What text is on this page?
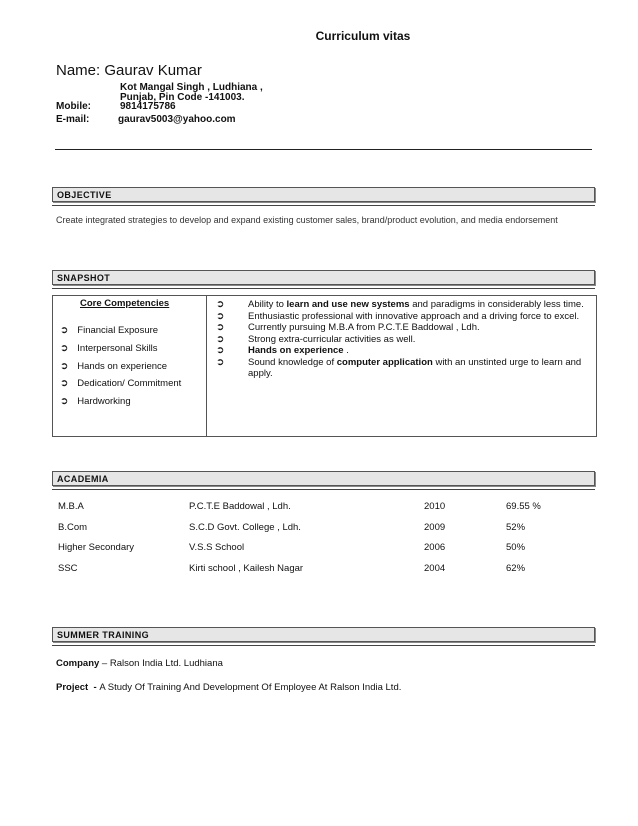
Curriculum vitas
Name: Gaurav Kumar
Kot Mangal Singh , Ludhiana ,
Punjab, Pin Code -141003.
Mobile:	9814175786
E-mail:	gaurav5003@yahoo.com
OBJECTIVE
Create integrated strategies to develop and expand existing customer sales, brand/product evolution, and media endorsement
SNAPSHOT
Core Competencies
➲ Financial Exposure
➲ Interpersonal Skills
➲ Hands on experience
➲ Dedication/ Commitment
➲ Hardworking
➲	Ability to learn and use new systems and paradigms in considerably less time.
➲	Enthusiastic professional with innovative approach and a driving force to excel.
➲	Currently pursuing M.B.A from P.C.T.E Baddowal , Ldh.
➲	Strong extra-curricular activities as well.
➲	Hands on experience .
➲	Sound knowledge of computer application with an unstinted urge to learn and apply.
ACADEMIA
M.B.A	P.C.T.E Baddowal , Ldh.	2010	69.55 %
B.Com	S.C.D Govt. College , Ldh.	2009	52%
Higher Secondary	V.S.S School	2006	50%
SSC	Kirti school , Kailesh Nagar	2004	62%
SUMMER TRAINING
Company – Ralson India Ltd. Ludhiana
Project  - A Study Of Training And Development Of Employee At Ralson India Ltd.
